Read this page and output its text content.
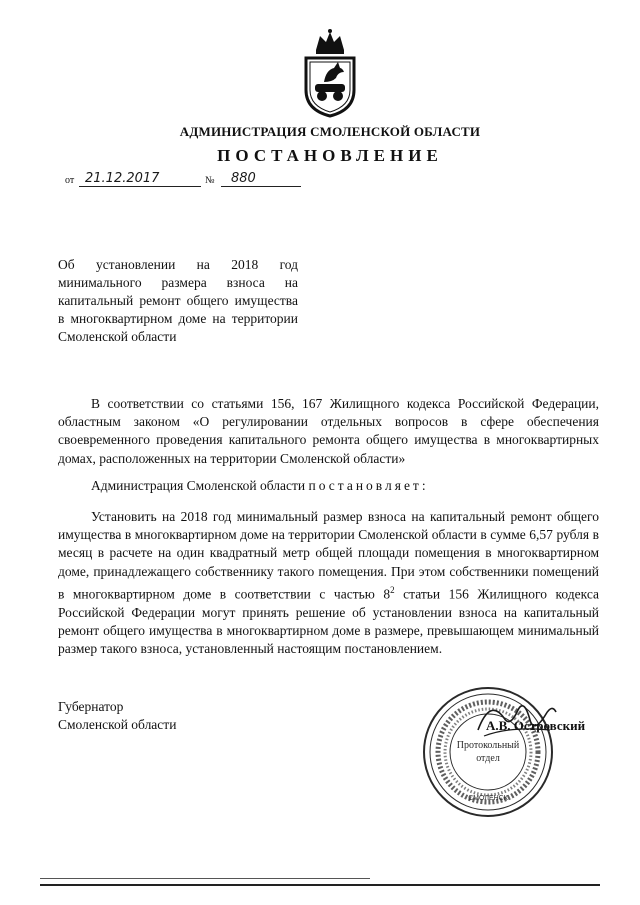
АДМИНИСТРАЦИЯ СМОЛЕНСКОЙ ОБЛАСТИ
ПОСТАНОВЛЕНИЕ
от 21.12.2017	№ 880
Об установлении на 2018 год минимального размера взноса на капитальный ремонт общего имущества в многоквартирном доме на территории Смоленской области

В соответствии со статьями 156, 167 Жилищного кодекса Российской Федерации, областным законом «О регулировании отдельных вопросов в сфере обеспечения своевременного проведения капитального ремонта общего имущества в многоквартирных домах, расположенных на территории Смоленской области»

Администрация Смоленской области постановляет:

Установить на 2018 год минимальный размер взноса на капитальный ремонт общего имущества в многоквартирном доме на территории Смоленской области в сумме 6,57 рубля в месяц в расчете на один квадратный метр общей площади помещения в многоквартирном доме, принадлежащего собственнику такого помещения. При этом собственники помещений в многоквартирном доме в соответствии с частью $8^2$ статьи 156 Жилищного кодекса Российской Федерации могут принять решение об установлении взноса на капитальный ремонт общего имущества в многоквартирном доме в размере, превышающем минимальный размер такого взноса, установленный настоящим постановлением.

Губернатор
Смоленской области
Протокольный
отдел
СМОЛЕНСК
А.В. Островский
